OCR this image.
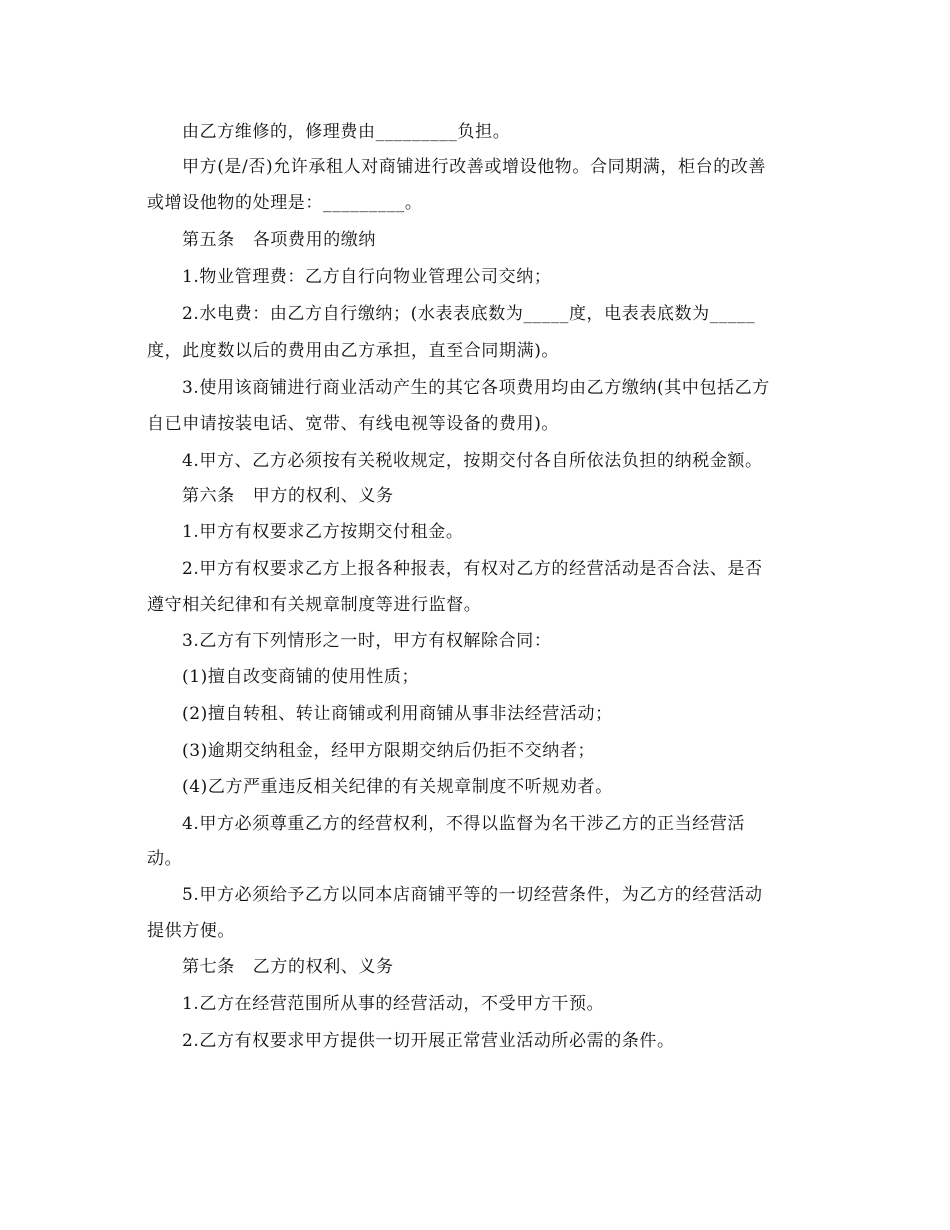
由乙方维修的，修理费由_________负担。
甲方(是/否)允许承租人对商铺进行改善或增设他物。合同期满，柜台的改善
或增设他物的处理是：_________。
第五条   各项费用的缴纳
1.物业管理费：乙方自行向物业管理公司交纳；
2.水电费：由乙方自行缴纳；(水表表底数为_____度，电表表底数为_____
度，此度数以后的费用由乙方承担，直至合同期满)。
3.使用该商铺进行商业活动产生的其它各项费用均由乙方缴纳(其中包括乙方
自已申请按装电话、宽带、有线电视等设备的费用)。
4.甲方、乙方必须按有关税收规定，按期交付各自所依法负担的纳税金额。
第六条   甲方的权利、义务
1.甲方有权要求乙方按期交付租金。
2.甲方有权要求乙方上报各种报表，有权对乙方的经营活动是否合法、是否
遵守相关纪律和有关规章制度等进行监督。
3.乙方有下列情形之一时，甲方有权解除合同：
(1)擅自改变商铺的使用性质；
(2)擅自转租、转让商铺或利用商铺从事非法经营活动；
(3)逾期交纳租金，经甲方限期交纳后仍拒不交纳者；
(4)乙方严重违反相关纪律的有关规章制度不听规劝者。
4.甲方必须尊重乙方的经营权利，不得以监督为名干涉乙方的正当经营活
动。
5.甲方必须给予乙方以同本店商铺平等的一切经营条件，为乙方的经营活动
提供方便。
第七条   乙方的权利、义务
1.乙方在经营范围所从事的经营活动，不受甲方干预。
2.乙方有权要求甲方提供一切开展正常营业活动所必需的条件。
